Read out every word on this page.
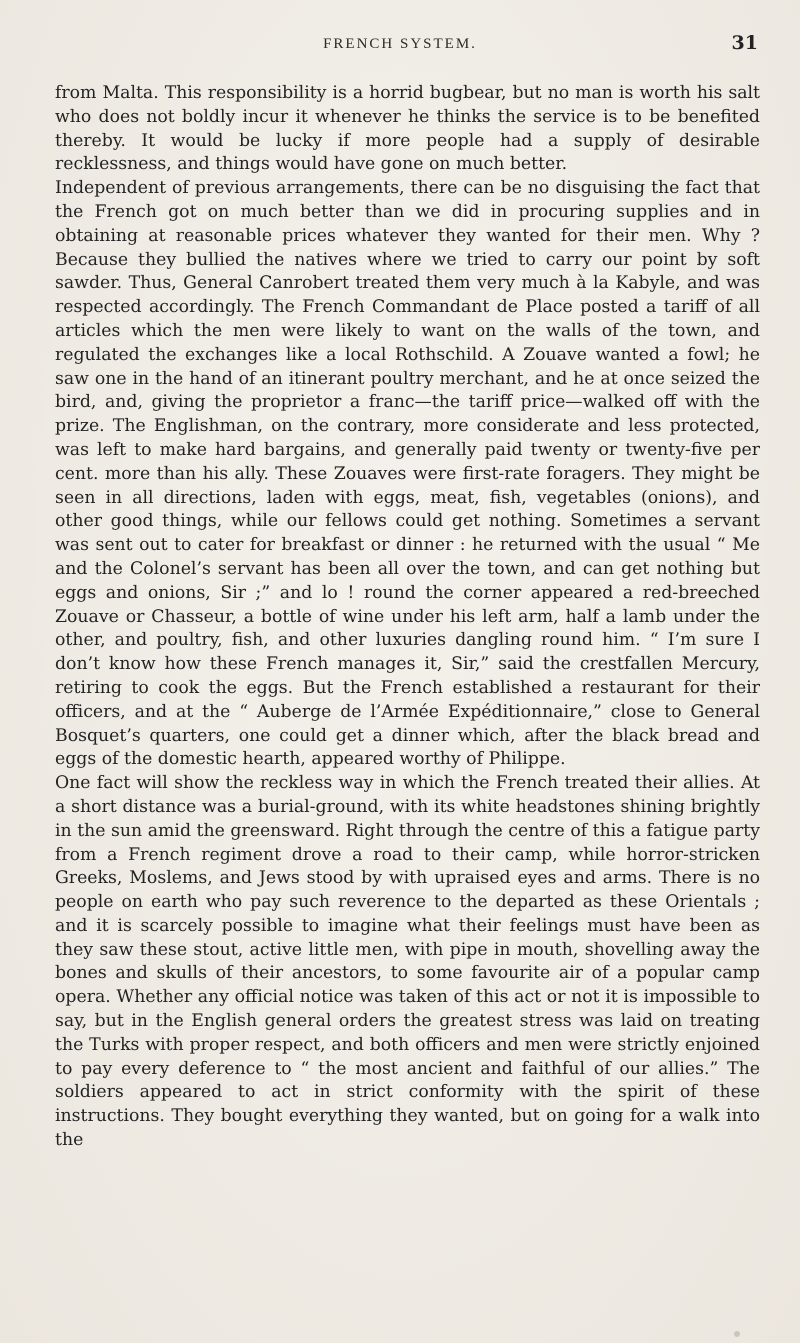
FRENCH SYSTEM.	31

from Malta. This responsibility is a horrid bugbear, but no man is worth his salt who does not boldly incur it whenever he thinks the service is to be benefited thereby. It would be lucky if more people had a supply of desirable recklessness, and things would have gone on much better.

Independent of previous arrangements, there can be no disguising the fact that the French got on much better than we did in procuring supplies and in obtaining at reasonable prices whatever they wanted for their men. Why ? Because they bullied the natives where we tried to carry our point by soft sawder. Thus, General Canrobert treated them very much à la Kabyle, and was respected accordingly. The French Commandant de Place posted a tariff of all articles which the men were likely to want on the walls of the town, and regulated the exchanges like a local Rothschild. A Zouave wanted a fowl; he saw one in the hand of an itinerant poultry merchant, and he at once seized the bird, and, giving the proprietor a franc—the tariff price—walked off with the prize. The Englishman, on the contrary, more considerate and less protected, was left to make hard bargains, and generally paid twenty or twenty-five per cent. more than his ally. These Zouaves were first-rate foragers. They might be seen in all directions, laden with eggs, meat, fish, vegetables (onions), and other good things, while our fellows could get nothing. Sometimes a servant was sent out to cater for breakfast or dinner : he returned with the usual “ Me and the Colonel’s servant has been all over the town, and can get nothing but eggs and onions, Sir ;” and lo ! round the corner appeared a red-breeched Zouave or Chasseur, a bottle of wine under his left arm, half a lamb under the other, and poultry, fish, and other luxuries dangling round him. “ I’m sure I don’t know how these French manages it, Sir,” said the crestfallen Mercury, retiring to cook the eggs. But the French established a restaurant for their officers, and at the “ Auberge de l’Armée Expéditionnaire,” close to General Bosquet’s quarters, one could get a dinner which, after the black bread and eggs of the domestic hearth, appeared worthy of Philippe.

One fact will show the reckless way in which the French treated their allies. At a short distance was a burial-ground, with its white headstones shining brightly in the sun amid the greensward. Right through the centre of this a fatigue party from a French regiment drove a road to their camp, while horror-stricken Greeks, Moslems, and Jews stood by with upraised eyes and arms. There is no people on earth who pay such reverence to the departed as these Orientals ; and it is scarcely possible to imagine what their feelings must have been as they saw these stout, active little men, with pipe in mouth, shovelling away the bones and skulls of their ancestors, to some favourite air of a popular camp opera. Whether any official notice was taken of this act or not it is impossible to say, but in the English general orders the greatest stress was laid on treating the Turks with proper respect, and both officers and men were strictly enjoined to pay every deference to “ the most ancient and faithful of our allies.” The soldiers appeared to act in strict conformity with the spirit of these instructions. They bought everything they wanted, but on going for a walk into the
